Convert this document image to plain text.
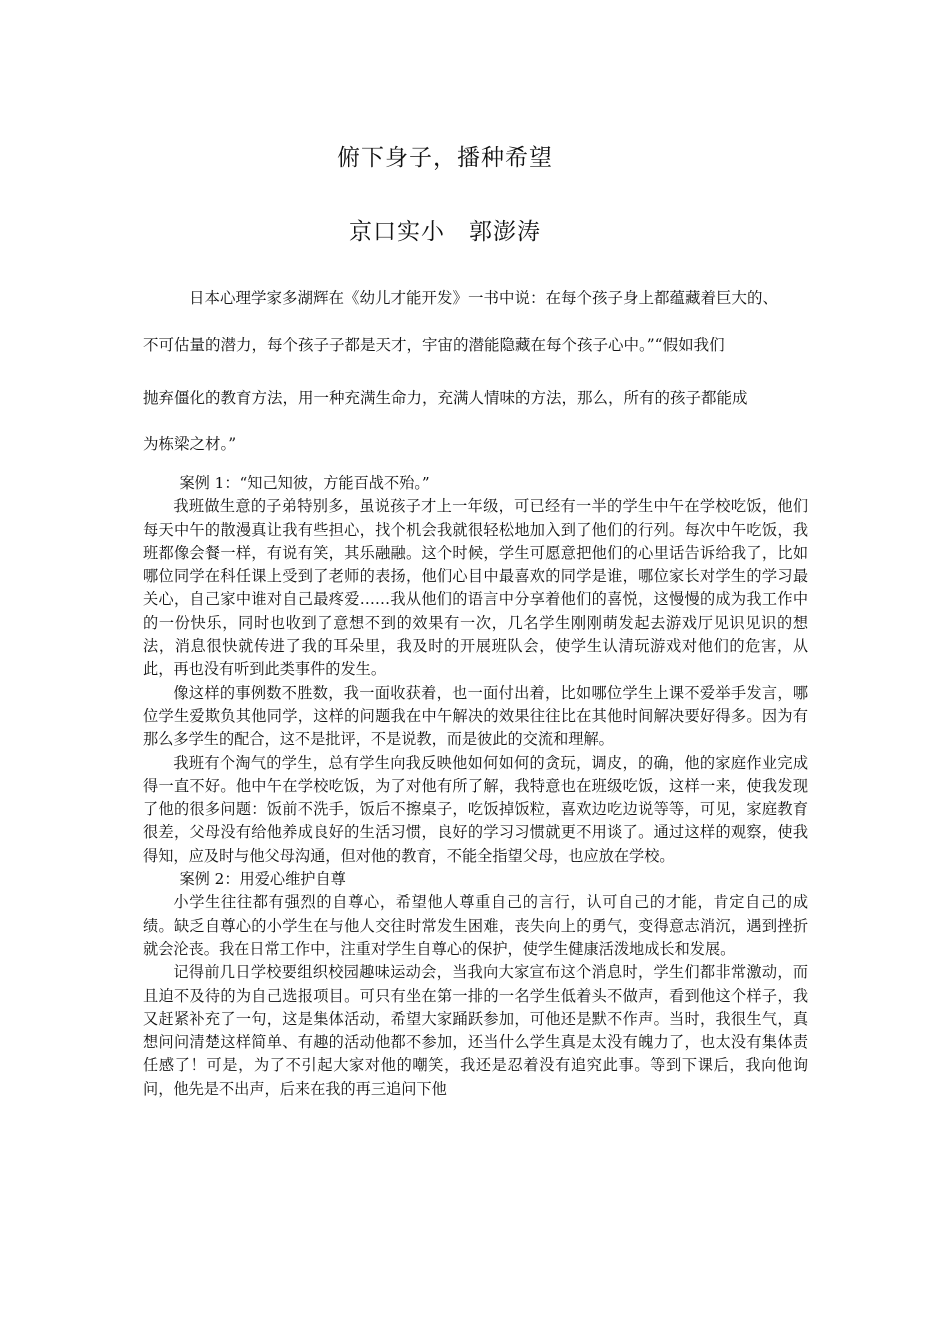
俯下身子，播种希望
京口实小　郭澎涛
日本心理学家多湖辉在《幼儿才能开发》一书中说：在每个孩子身上都蕴藏着巨大的、
不可估量的潜力，每个孩子子都是天才，宇宙的潜能隐藏在每个孩子心中。”“假如我们
抛弃僵化的教育方法，用一种充满生命力，充满人情味的方法，那么，所有的孩子都能成
为栋梁之材。”

案例 1：“知己知彼，方能百战不殆。”

我班做生意的子弟特别多，虽说孩子才上一年级，可已经有一半的学生中午在学校吃饭，他们每天中午的散漫真让我有些担心，找个机会我就很轻松地加入到了他们的行列。每次中午吃饭，我班都像会餐一样，有说有笑，其乐融融。这个时候，学生可愿意把他们的心里话告诉给我了，比如哪位同学在科任课上受到了老师的表扬，他们心目中最喜欢的同学是谁，哪位家长对学生的学习最关心，自己家中谁对自己最疼爱……我从他们的语言中分享着他们的喜悦，这慢慢的成为我工作中的一份快乐，同时也收到了意想不到的效果有一次，几名学生刚刚萌发起去游戏厅见识见识的想法，消息很快就传进了我的耳朵里，我及时的开展班队会，使学生认清玩游戏对他们的危害，从此，再也没有听到此类事件的发生。

像这样的事例数不胜数，我一面收获着，也一面付出着，比如哪位学生上课不爱举手发言，哪位学生爱欺负其他同学，这样的问题我在中午解决的效果往往比在其他时间解决要好得多。因为有那么多学生的配合，这不是批评，不是说教，而是彼此的交流和理解。

我班有个淘气的学生，总有学生向我反映他如何如何的贪玩，调皮，的确，他的家庭作业完成得一直不好。他中午在学校吃饭，为了对他有所了解，我特意也在班级吃饭，这样一来，使我发现了他的很多问题：饭前不洗手，饭后不擦桌子，吃饭掉饭粒，喜欢边吃边说等等，可见，家庭教育很差，父母没有给他养成良好的生活习惯，良好的学习习惯就更不用谈了。通过这样的观察，使我得知，应及时与他父母沟通，但对他的教育，不能全指望父母，也应放在学校。

案例 2：用爱心维护自尊

小学生往往都有强烈的自尊心，希望他人尊重自己的言行，认可自己的才能，肯定自己的成绩。缺乏自尊心的小学生在与他人交往时常发生困难，丧失向上的勇气，变得意志消沉，遇到挫折就会沦丧。我在日常工作中，注重对学生自尊心的保护，使学生健康活泼地成长和发展。

记得前几日学校要组织校园趣味运动会，当我向大家宣布这个消息时，学生们都非常激动，而且迫不及待的为自己选报项目。可只有坐在第一排的一名学生低着头不做声，看到他这个样子，我又赶紧补充了一句，这是集体活动，希望大家踊跃参加，可他还是默不作声。当时，我很生气，真想问问清楚这样简单、有趣的活动他都不参加，还当什么学生真是太没有魄力了，也太没有集体责任感了！可是，为了不引起大家对他的嘲笑，我还是忍着没有追究此事。等到下课后，我向他询问，他先是不出声，后来在我的再三追问下他
